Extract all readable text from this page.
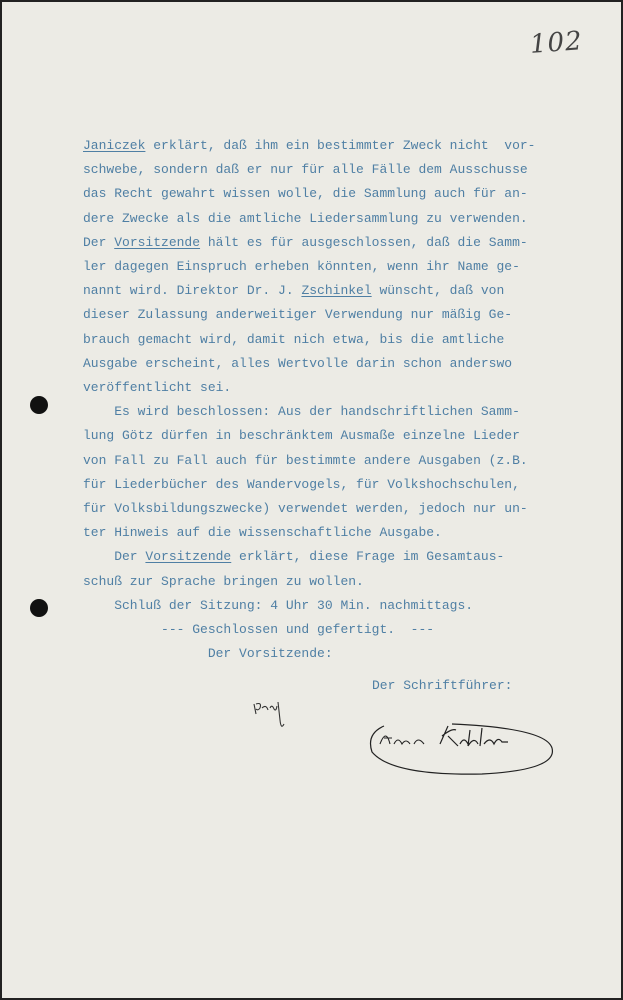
102
Janiczek erklärt, daß ihm ein bestimmter Zweck nicht  vor-
schwebe, sondern daß er nur für alle Fälle dem Ausschusse
das Recht gewahrt wissen wolle, die Sammlung auch für an-
dere Zwecke als die amtliche Liedersammlung zu verwenden.
Der Vorsitzende hält es für ausgeschlossen, daß die Samm-
ler dagegen Einspruch erheben könnten, wenn ihr Name ge-
nannt wird. Direktor Dr. J. Zschinkel wünscht, daß von
dieser Zulassung anderweitiger Verwendung nur mäßig Ge-
brauch gemacht wird, damit nich etwa, bis die amtliche
Ausgabe erscheint, alles Wertvolle darin schon anderswo
veröffentlicht sei.
Es wird beschlossen: Aus der handschriftlichen Samm-
lung Götz dürfen in beschränktem Ausmaße einzelne Lieder
von Fall zu Fall auch für bestimmte andere Ausgaben (z.B.
für Liederbücher des Wandervogels, für Volkshochschulen,
für Volksbildungszwecke) verwendet werden, jedoch nur un-
ter Hinweis auf die wissenschaftliche Ausgabe.
Der Vorsitzende erklärt, diese Frage im Gesamtaus-
schuß zur Sprache bringen zu wollen.
Schluß der Sitzung: 4 Uhr 30 Min. nachmittags.
--- Geschlossen und gefertigt.  ---
Der Vorsitzende:
Der Schriftführer:
